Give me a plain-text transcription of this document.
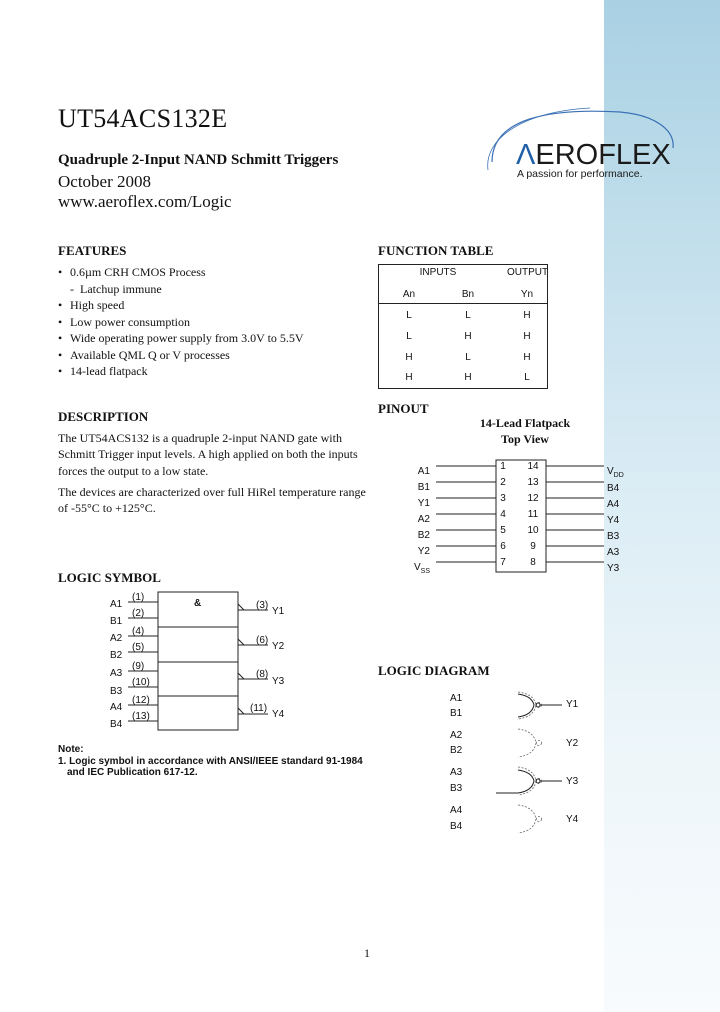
ΛEROFLEX
A passion for performance.
UT54ACS132E
Quadruple 2-Input NAND Schmitt Triggers
October 2008
www.aeroflex.com/Logic
FEATURES
• 0.6µm CRH CMOS Process
-  Latchup immune
• High speed
• Low power consumption
• Wide operating power supply from 3.0V to 5.5V
• Available QML Q or V processes
• 14-lead flatpack
DESCRIPTION
The UT54ACS132 is a quadruple 2-input NAND gate with
Schmitt Trigger input levels. A high applied on both the inputs
forces the output to a low state.
The devices are characterized over full HiRel temperature range
of -55°C to +125°C.
FUNCTION TABLE
INPUTS	OUTPUT
An	Bn	Yn
L	L	H
L	H	H
H	L	H
H	H	L
PINOUT
14-Lead Flatpack
Top View
A1
B1
Y1
A2
B2
Y2
$V_{SS}$
1
2
3
4
5
6
7
14
13
12
11
10
9
8
$V_{DD}$
B4
A4
Y4
B3
A3
Y3
LOGIC SYMBOL
&
A1
(1)
B1
(2)
(3)
Y1
A2
(4)
B2
(5)
(6)
Y2
A3
(9)
B3
(10)
(8)
Y3
A4
(12)
B4
(13)
(11)
Y4
Note:
1. Logic symbol in accordance with ANSI/IEEE standard 91-1984
and IEC Publication 617-12.
LOGIC DIAGRAM
A1
B1
Y1
A2
B2
Y2
A3
B3
Y3
A4
B4
Y4
1
